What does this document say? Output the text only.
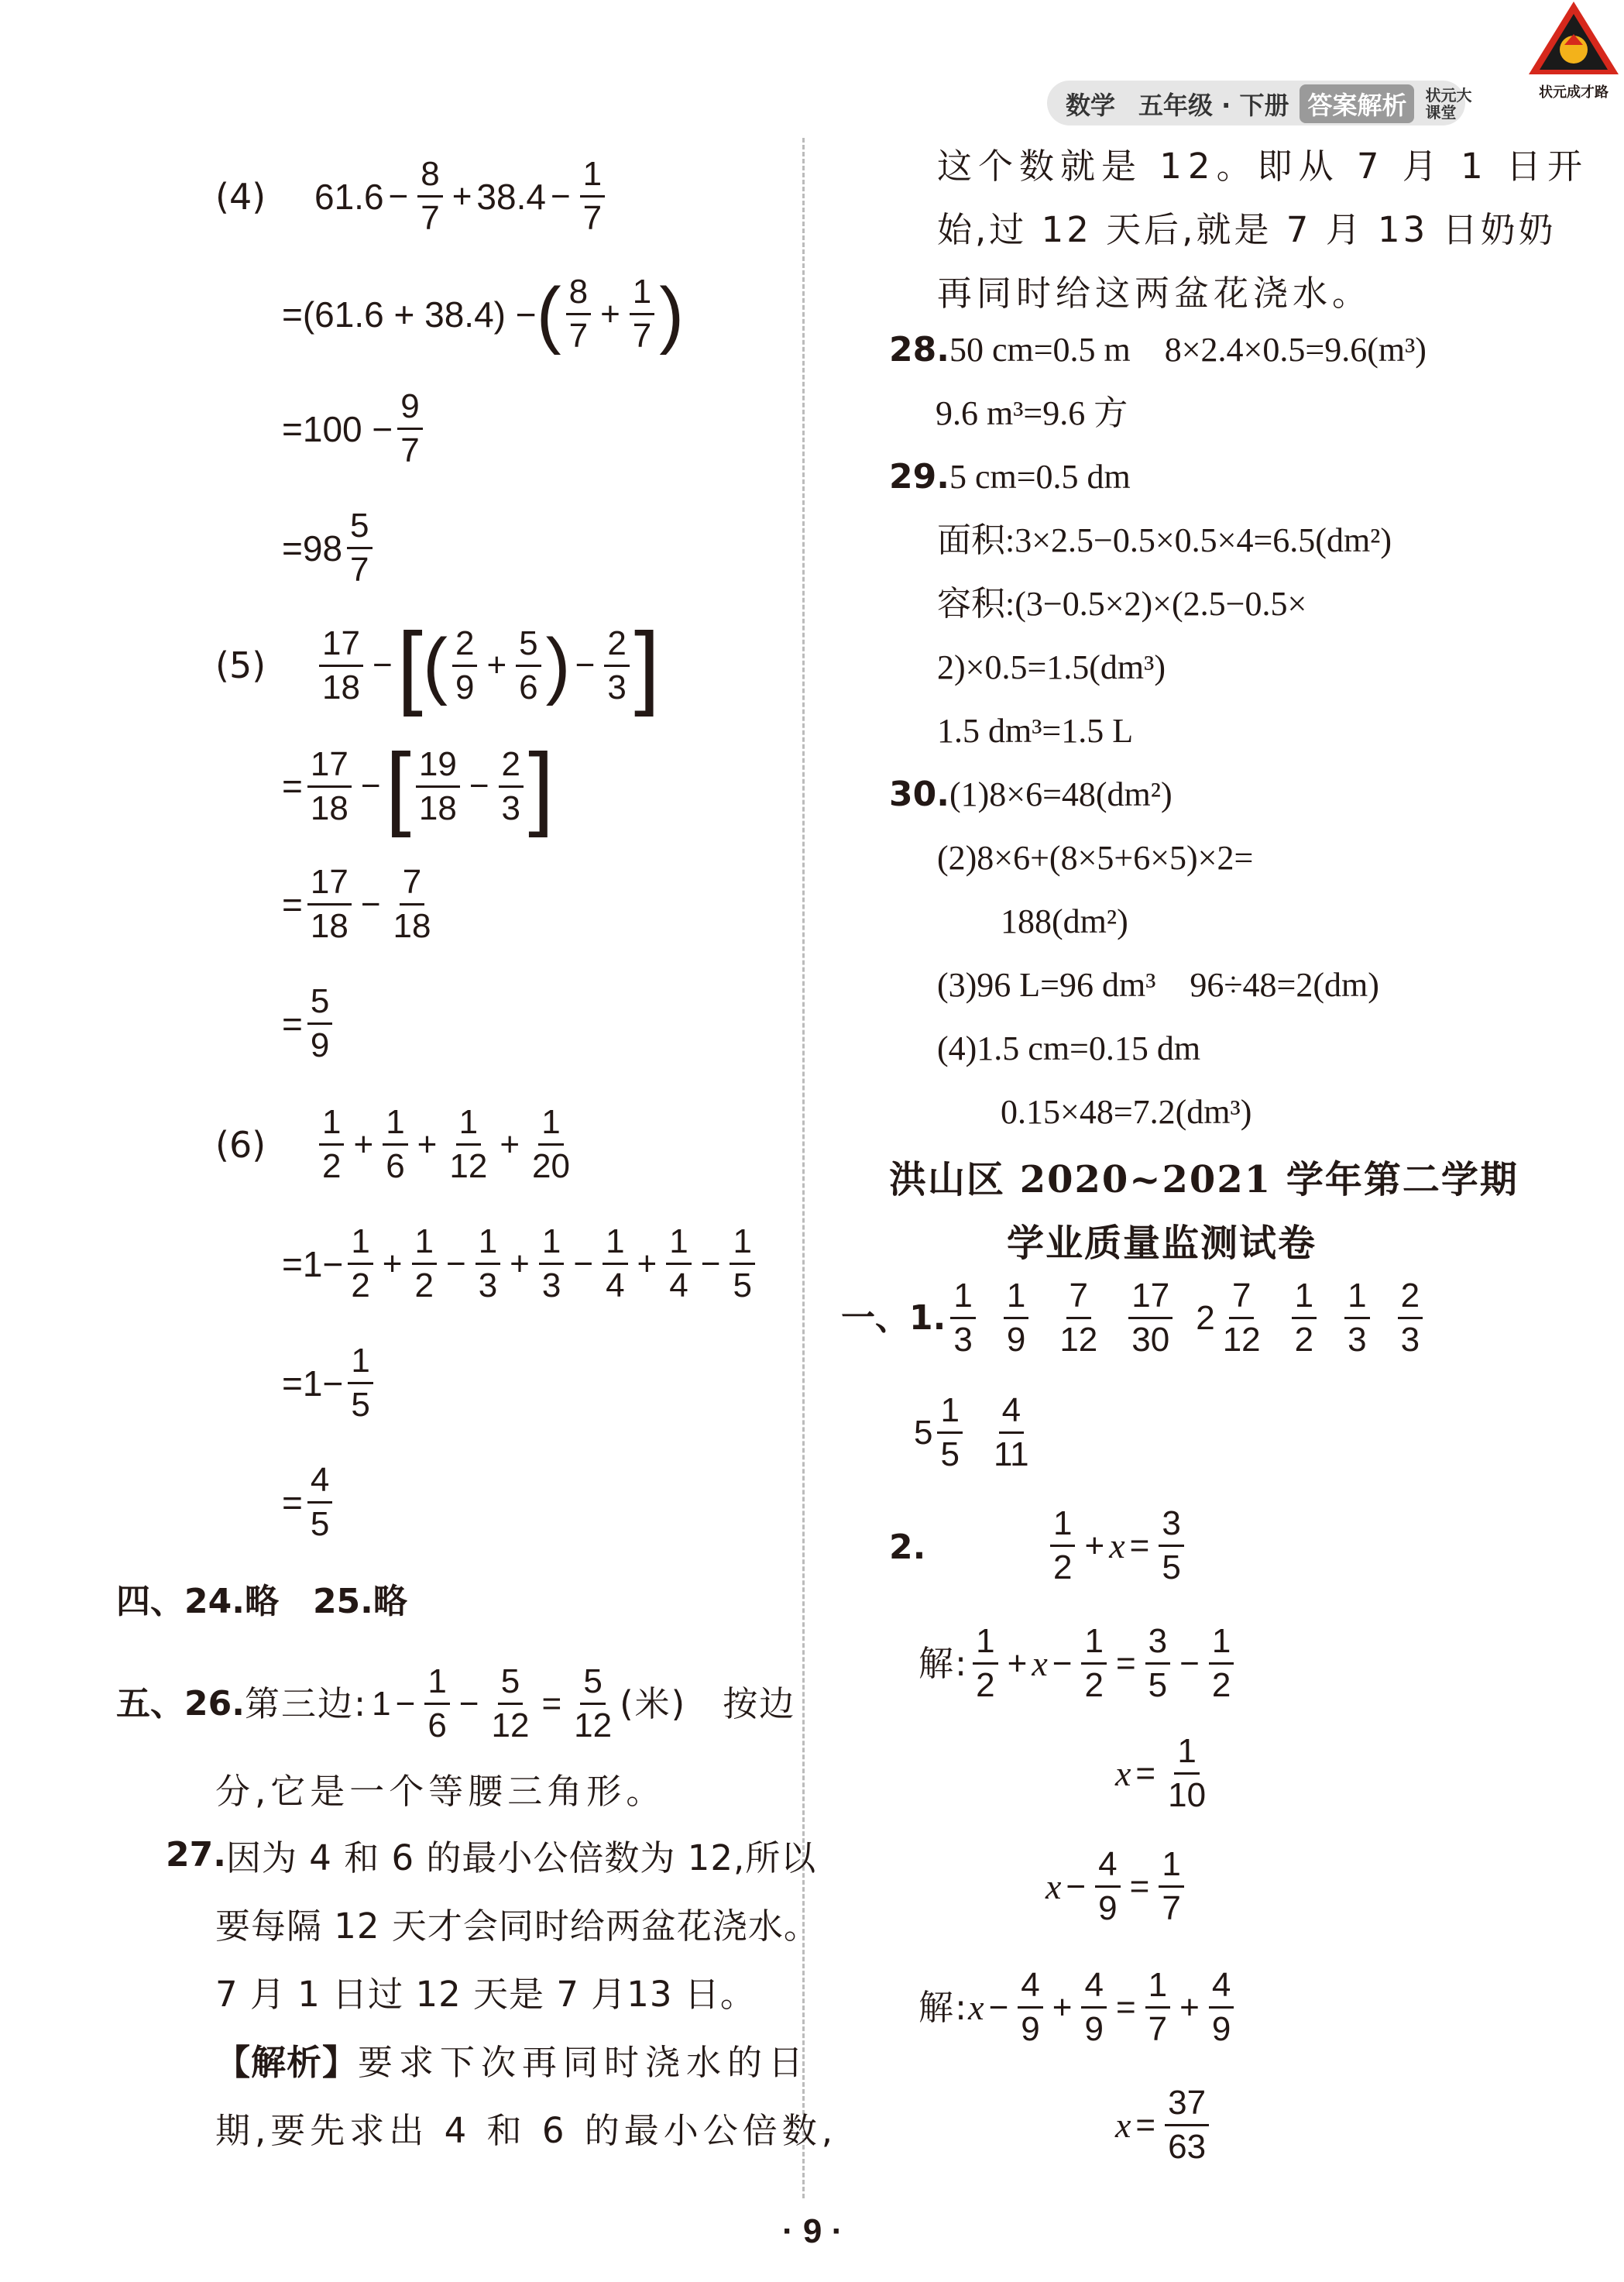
状元成才路
数学 五年级 · 下册 答案解析	状元大课堂
(4)	$61.6 - \frac{8}{7} + 38.4 - \frac{1}{7}$
=(61.6 + 38.4) − ( $\frac{8}{7} + \frac{1}{7}$ )
$=100 - \frac{9}{7}$
$=98 \frac{5}{7}$
(5)	$\frac{17}{18}$ − [ ( $\frac{2}{9} + \frac{5}{6}$ ) − $\frac{2}{3}$ ]
= $\frac{17}{18}$ − [ $\frac{19}{18} - \frac{2}{3}$ ]
= $\frac{17}{18} - \frac{7}{18}$
= $\frac{5}{9}$
(6)	$\frac{1}{2} + \frac{1}{6} + \frac{1}{12} + \frac{1}{20}$
$=1- \frac{1}{2} + \frac{1}{2} - \frac{1}{3} + \frac{1}{3} - \frac{1}{4} + \frac{1}{4} - \frac{1}{5}$
$=1- \frac{1}{5}$
= $\frac{4}{5}$
四、24.略　25.略
五、26. 第三边: $1 - \frac{1}{6} - \frac{5}{12} = \frac{5}{12}$ (米)　按边
分,它是一个等腰三角形。
27. 因为 4 和 6 的最小公倍数为 12,所以
要每隔 12 天才会同时给两盆花浇水。
7 月 1 日过 12 天是 7 月13 日。
【解析】 要求下次再同时浇水的日
期,要先求出 4 和 6 的最小公倍数,
这个数就是 12。即从 7 月 1 日开
始,过 12 天后,就是 7 月 13 日奶奶
再同时给这两盆花浇水。
28. 50 cm=0.5 m　8×2.4×0.5=9.6(m³)
9.6 m³=9.6 方
29. 5 cm=0.5 dm
面积:3×2.5−0.5×0.5×4=6.5(dm²)
容积:(3−0.5×2)×(2.5−0.5×
2)×0.5=1.5(dm³)
1.5 dm³=1.5 L
30. (1)8×6=48(dm²)
(2)8×6+(8×5+6×5)×2=
188(dm²)
(3)96 L=96 dm³　96÷48=2(dm)
(4)1.5 cm=0.15 dm
0.15×48=7.2(dm³)
洪山区 2020~2021 学年第二学期
学业质量监测试卷
一、1. $\frac{1}{3} \frac{1}{9} \frac{7}{12} \frac{17}{30} 2 \frac{7}{12} \frac{1}{2} \frac{1}{3} \frac{2}{3}$
$5 \frac{1}{5} \frac{4}{11}$
2.	$\frac{1}{2} + x = \frac{3}{5}$
解: $\frac{1}{2} + x - \frac{1}{2} = \frac{3}{5} - \frac{1}{2}$
$x = \frac{1}{10}$
$x - \frac{4}{9} = \frac{1}{7}$
解: $x - \frac{4}{9} + \frac{4}{9} = \frac{1}{7} + \frac{4}{9}$
$x = \frac{37}{63}$
· 9 ·
